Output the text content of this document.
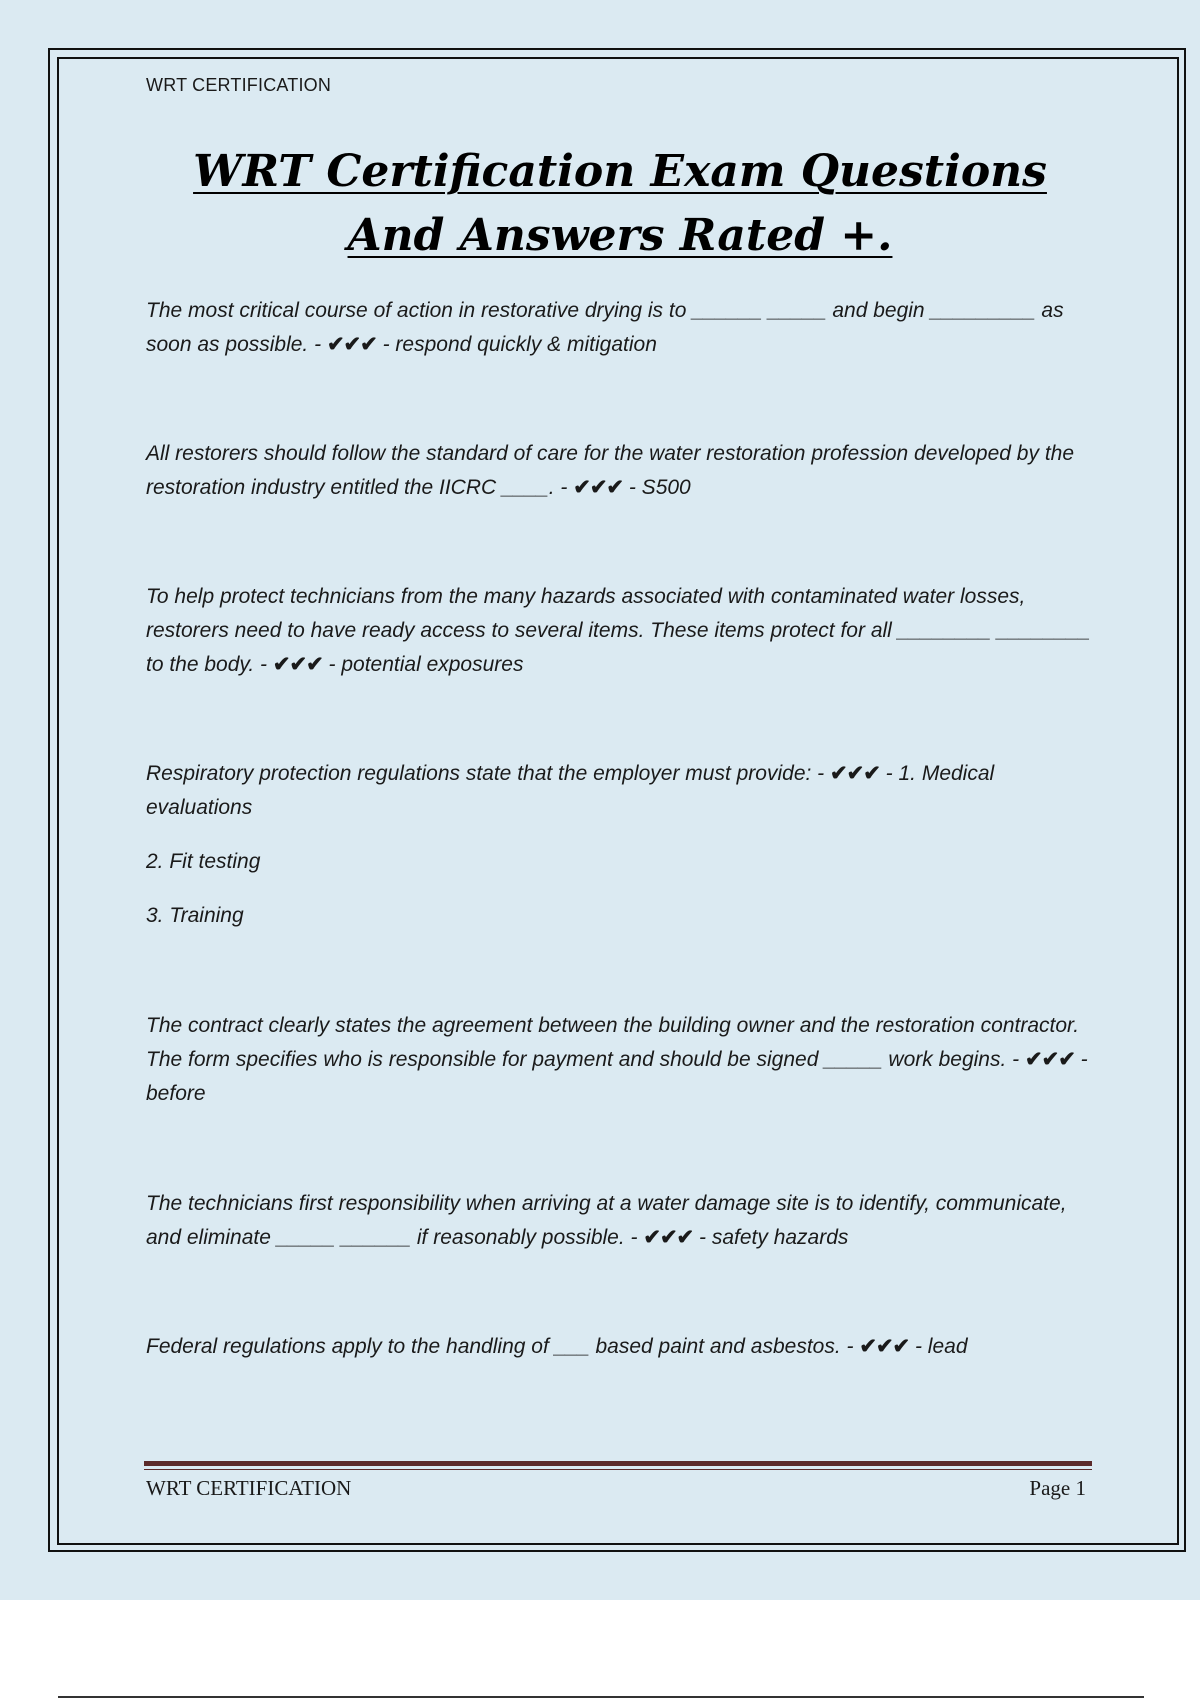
WRT CERTIFICATION
WRT Certification Exam Questions
And Answers Rated +.
The most critical course of action in restorative drying is to ______ _____ and begin _________ as soon as possible. - ✔✔✔ - respond quickly & mitigation
All restorers should follow the standard of care for the water restoration profession developed by the restoration industry entitled the IICRC ____. - ✔✔✔ - S500
To help protect technicians from the many hazards associated with contaminated water losses, restorers need to have ready access to several items. These items protect for all ________ ________ to the body. - ✔✔✔ - potential exposures

Respiratory protection regulations state that the employer must provide: - ✔✔✔ - 1. Medical evaluations

2. Fit testing

3. Training

The contract clearly states the agreement between the building owner and the restoration contractor. The form specifies who is responsible for payment and should be signed _____ work begins. - ✔✔✔ - before
The technicians first responsibility when arriving at a water damage site is to identify, communicate, and eliminate _____ ______ if reasonably possible. - ✔✔✔ - safety hazards
Federal regulations apply to the handling of ___ based paint and asbestos. - ✔✔✔ - lead
WRT CERTIFICATION	Page 1
